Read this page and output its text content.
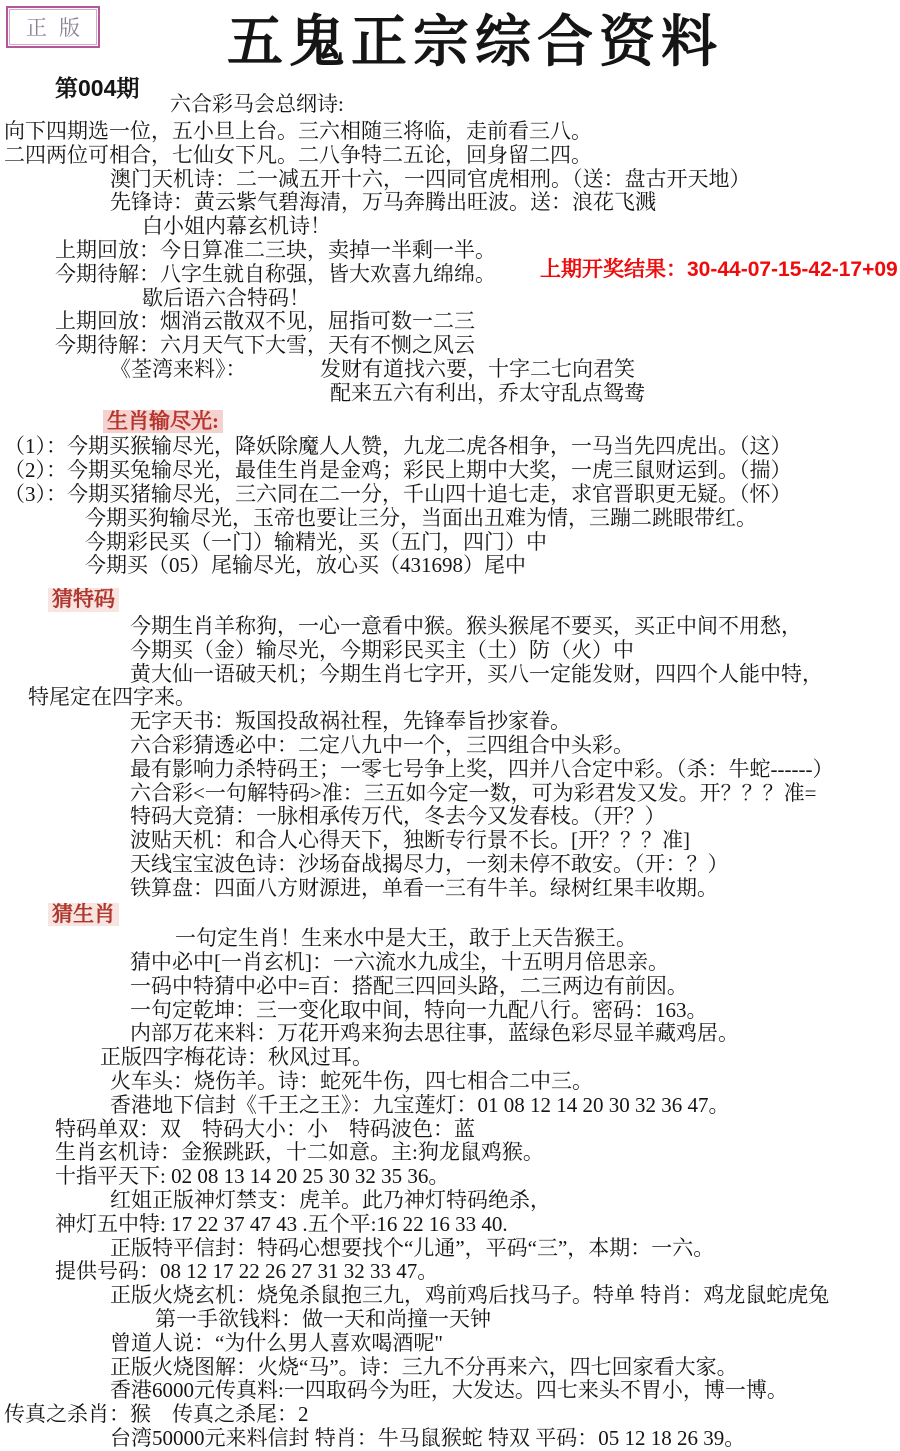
正版	五鬼正宗综合资料
第004期
六合彩马会总纲诗:
上期开奖结果：30-44-07-15-42-17+09
向下四期选一位，五小旦上台。三六相随三将临，走前看三八。
二四两位可相合，七仙女下凡。二八争特二五论，回身留二四。
澳门天机诗：二一减五开十六，一四同官虎相刑。（送：盘古开天地）
先锋诗：黄云紫气碧海清，万马奔腾出旺波。送：浪花飞溅
白小姐内幕玄机诗！
上期回放：今日算准二三块，卖掉一半剩一半。
今期待解：八字生就自称强，皆大欢喜九绵绵。
歇后语六合特码！
上期回放：烟消云散双不见，屈指可数一二三
今期待解：六月天气下大雪，天有不恻之风云
《荃湾来料》：　　　　发财有道找六要，十字二七向君笑
配来五六有利出，乔太守乱点鸳鸯
生肖输尽光:
（1）：今期买猴输尽光，降妖除魔人人赞，九龙二虎各相争，一马当先四虎出。（这）
（2）：今期买兔输尽光，最佳生肖是金鸡；彩民上期中大奖，一虎三鼠财运到。（揣）
（3）：今期买猪输尽光，三六同在二一分，千山四十追七走，求官晋职更无疑。（怀）
今期买狗输尽光，玉帝也要让三分，当面出丑难为情，三蹦二跳眼带红。
今期彩民买（一门）输精光，买（五门，四门）中
今期买（05）尾输尽光，放心买（431698）尾中
猜特码
今期生肖羊称狗，一心一意看中猴。猴头猴尾不要买，买正中间不用愁，
今期买（金）输尽光，今期彩民买主（土）防（火）中
黄大仙一语破天机；今期生肖七字开，买八一定能发财，四四个人能中特，
特尾定在四字来。
无字天书：叛国投敌祸社程，先锋奉旨抄家眷。
六合彩猜透必中：二定八九中一个，三四组合中头彩。
最有影响力杀特码王；一零七号争上奖，四并八合定中彩。（杀：牛蛇------）
六合彩<一句解特码>准：三五如今定一数，可为彩君发又发。开？？？准=
特码大竞猜：一脉相承传万代，冬去今又发春枝。（开？）
波贴天机：和合人心得天下，独断专行景不长。[开？？？准]
天线宝宝波色诗：沙场奋战揭尽力，一刻未停不敢安。（开：？）
铁算盘：四面八方财源进，单看一三有牛羊。绿树红果丰收期。
猜生肖
一句定生肖！生来水中是大王，敢于上天告猴王。
猜中必中[一肖玄机]：一六流水九成尘，十五明月倍思亲。
一码中特猜中必中=百：搭配三四回头路，二三两边有前因。
一句定乾坤：三一变化取中间，特向一九配八行。密码：163。
内部万花来料：万花开鸡来狗去思往事，蓝绿色彩尽显羊藏鸡居。
正版四字梅花诗：秋风过耳。
火车头：烧伤羊。诗：蛇死牛伤，四七相合二中三。
香港地下信封《千王之王》：九宝莲灯：01 08 12 14 20 30 32 36 47。
特码单双：双　特码大小：小　特码波色：蓝
生肖玄机诗：金猴跳跃，十二如意。主:狗龙鼠鸡猴。
十指平天下: 02 08 13 14 20 25 30 32 35 36。
红姐正版神灯禁支：虎羊。此乃神灯特码绝杀，
神灯五中特: 17 22 37 47 43 .五个平:16 22 16 33 40.
正版特平信封：特码心想要找个“儿通”，平码“三”，本期：一六。
提供号码：08 12 17 22 26 27 31 32 33 47。
正版火烧玄机：烧兔杀鼠抱三九，鸡前鸡后找马子。特单 特肖：鸡龙鼠蛇虎兔
第一手欲钱料：做一天和尚撞一天钟
曾道人说：“为什么男人喜欢喝酒呢"
正版火烧图解：火烧“马”。诗：三九不分再来六，四七回家看大家。
香港6000元传真料:一四取码今为旺，大发达。四七来头不胃小，博一博。
传真之杀肖：猴　传真之杀尾：2
台湾50000元来料信封 特肖：牛马鼠猴蛇 特双 平码：05 12 18 26 39。
